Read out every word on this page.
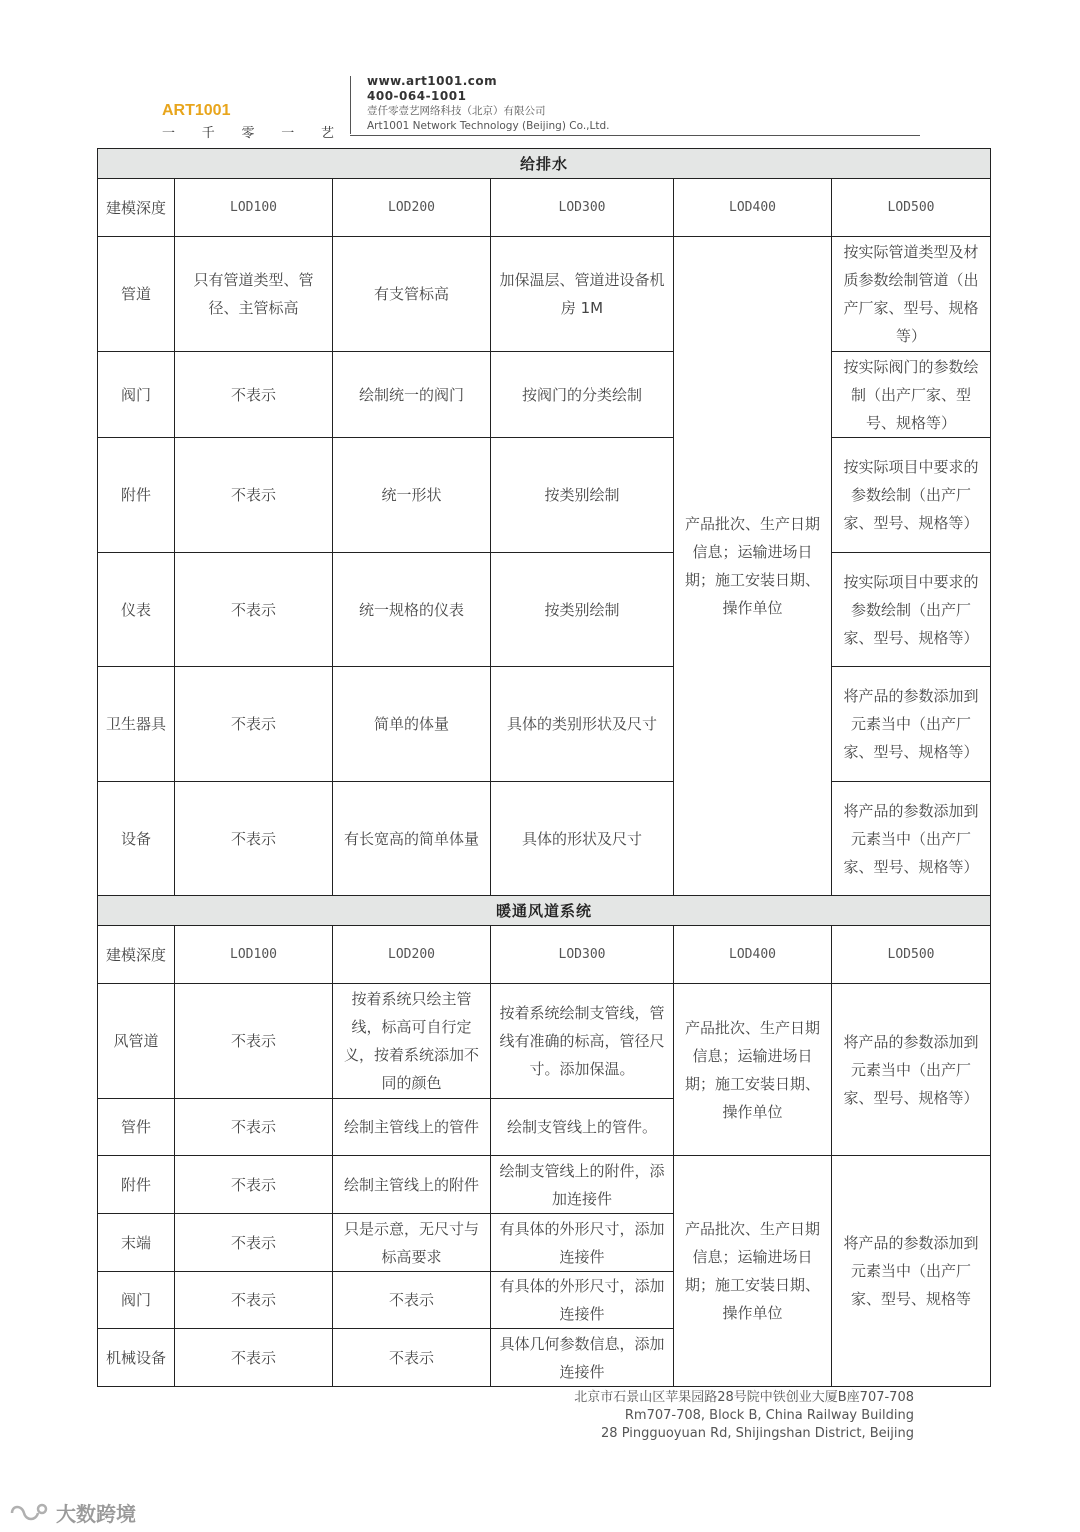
ART1001
一 千 零 一 艺
www.art1001.com
400-064-1001
壹仟零壹艺网络科技（北京）有限公司
Art1001 Network Technology (Beijing) Co.,Ltd.
给排水					
建模深度	LOD100	LOD200	LOD300	LOD400	LOD500
管道	只有管道类型、管径、主管标高	有支管标高	加保温层、管道进设备机房 1M	产品批次、生产日期信息；运输进场日期；施工安装日期、操作单位	按实际管道类型及材质参数绘制管道（出产厂家、型号、规格等）
阀门	不表示	绘制统一的阀门	按阀门的分类绘制		按实际阀门的参数绘制（出产厂家、型号、规格等）
附件	不表示	统一形状	按类别绘制		按实际项目中要求的参数绘制（出产厂家、型号、规格等）
仪表	不表示	统一规格的仪表	按类别绘制		按实际项目中要求的参数绘制（出产厂家、型号、规格等）
卫生器具	不表示	简单的体量	具体的类别形状及尺寸		将产品的参数添加到元素当中（出产厂家、型号、规格等）
设备	不表示	有长宽高的简单体量	具体的形状及尺寸		将产品的参数添加到元素当中（出产厂家、型号、规格等）
暖通风道系统					
建模深度	LOD100	LOD200	LOD300	LOD400	LOD500
风管道	不表示	按着系统只绘主管线，标高可自行定义，按着系统添加不同的颜色	按着系统绘制支管线，管线有准确的标高，管径尺寸。添加保温。	产品批次、生产日期信息；运输进场日期；施工安装日期、操作单位	将产品的参数添加到元素当中（出产厂家、型号、规格等）
管件	不表示	绘制主管线上的管件	绘制支管线上的管件。		
附件	不表示	绘制主管线上的附件	绘制支管线上的附件，添加连接件	产品批次、生产日期信息；运输进场日期；施工安装日期、操作单位	将产品的参数添加到元素当中（出产厂家、型号、规格等
末端	不表示	只是示意，无尺寸与标高要求	有具体的外形尺寸，添加连接件		
阀门	不表示	不表示	有具体的外形尺寸，添加连接件		
机械设备	不表示	不表示	具体几何参数信息，添加连接件		
北京市石景山区苹果园路28号院中铁创业大厦B座707-708
Rm707-708, Block B, China Railway Building
28 Pingguoyuan Rd, Shijingshan District, Beijing
大数跨境
